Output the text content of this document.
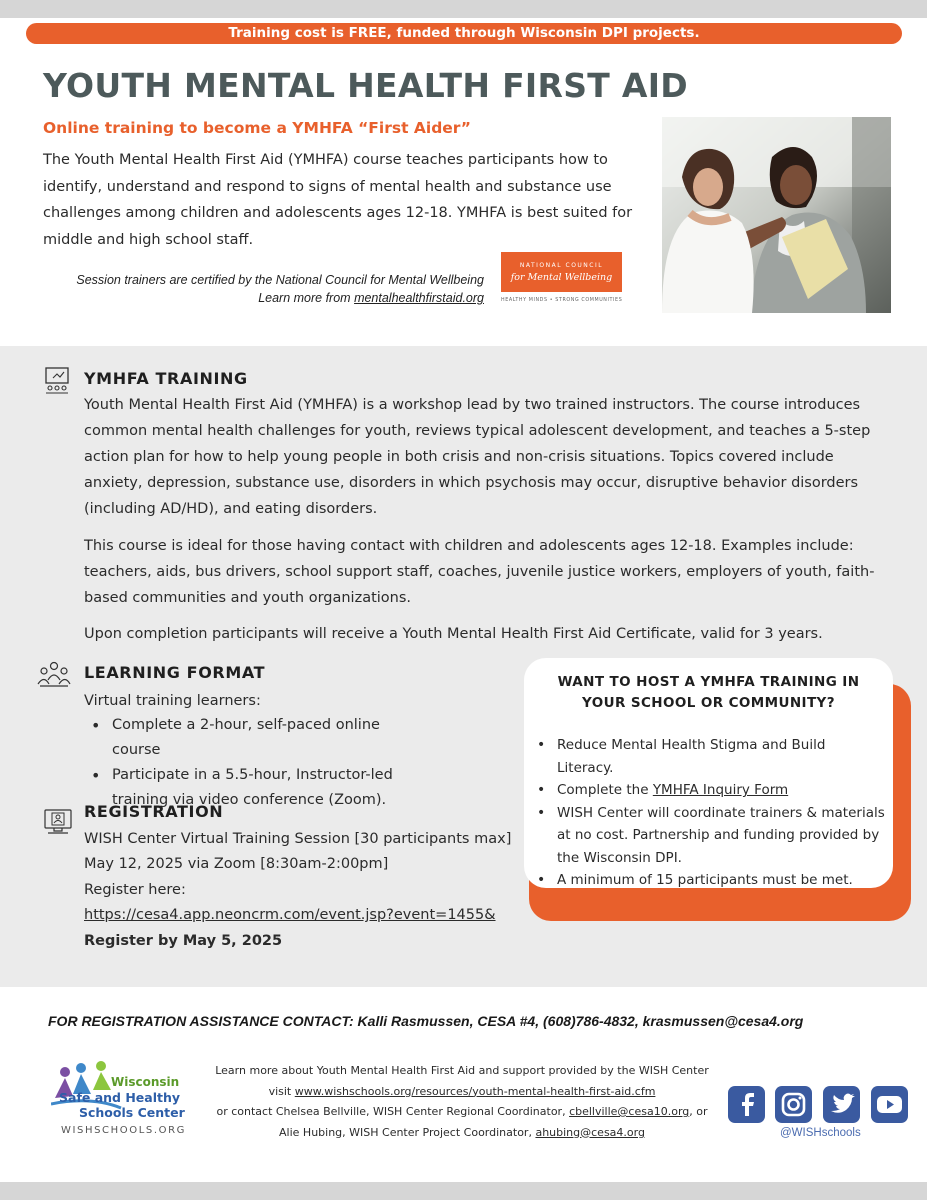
Training cost is FREE, funded through Wisconsin DPI projects.
YOUTH MENTAL HEALTH FIRST AID
Online training to become a YMHFA “First Aider”
The Youth Mental Health First Aid (YMHFA) course teaches participants how to identify, understand and respond to signs of mental health and substance use challenges among children and adolescents ages 12-18. YMHFA is best suited for middle and high school staff.
Session trainers are certified by the National Council for Mental Wellbeing
Learn more from mentalhealthfirstaid.org
NATIONAL COUNCIL
for Mental Wellbeing
HEALTHY MINDS • STRONG COMMUNITIES
YMHFA TRAINING
Youth Mental Health First Aid (YMHFA) is a workshop lead by two trained instructors. The course introduces common mental health challenges for youth, reviews typical adolescent development, and teaches a 5-step action plan for how to help young people in both crisis and non-crisis situations. Topics covered include anxiety, depression, substance use, disorders in which psychosis may occur, disruptive behavior disorders (including AD/HD), and eating disorders.
This course is ideal for those having contact with children and adolescents ages 12-18. Examples include: teachers, aids, bus drivers, school support staff, coaches, juvenile justice workers, employers of youth, faith-based communities and youth organizations.
Upon completion participants will receive a Youth Mental Health First Aid Certificate, valid for 3 years.
LEARNING FORMAT
Virtual training learners:
• Complete a 2-hour, self-paced online course
• Participate in a 5.5-hour, Instructor-led training via video conference (Zoom).
REGISTRATION
WISH Center Virtual Training Session [30 participants max]
May 12, 2025 via Zoom [8:30am-2:00pm]
Register here:
https://cesa4.app.neoncrm.com/event.jsp?event=1455&
Register by May 5, 2025
WANT TO HOST A YMHFA TRAINING IN YOUR SCHOOL OR COMMUNITY?
• Reduce Mental Health Stigma and Build Literacy.
• Complete the YMHFA Inquiry Form
• WISH Center will coordinate trainers & materials at no cost. Partnership and funding provided by the Wisconsin DPI.
• A minimum of 15 participants must be met.
FOR REGISTRATION ASSISTANCE CONTACT: Kalli Rasmussen, CESA #4, (608)786-4832, krasmussen@cesa4.org
Wisconsin
Safe and Healthy
Schools Center
WISHSCHOOLS.ORG
Learn more about Youth Mental Health First Aid and support provided by the WISH Center
visit www.wishschools.org/resources/youth-mental-health-first-aid.cfm
or contact Chelsea Bellville, WISH Center Regional Coordinator, cbellville@cesa10.org, or
Alie Hubing, WISH Center Project Coordinator, ahubing@cesa4.org	@WISHschools
